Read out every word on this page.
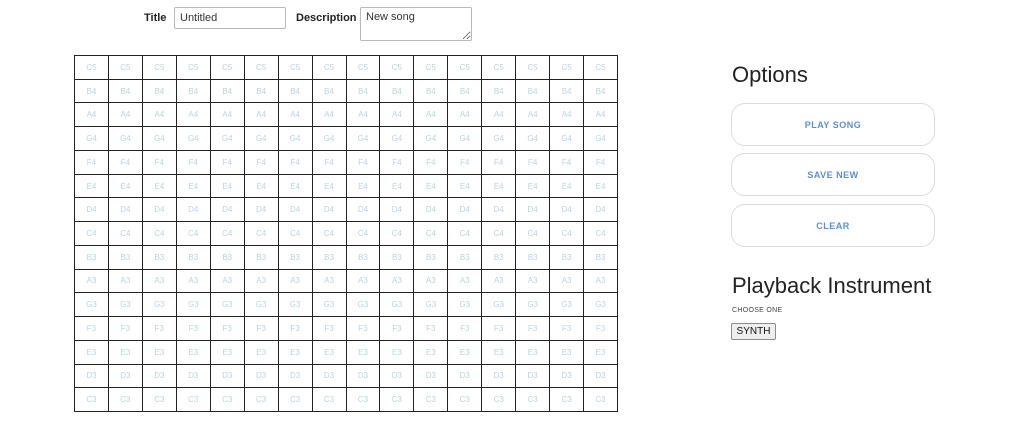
Title
Untitled	Description
New song
C5	C5	C5	C5	C5	C5	C5	C5	C5	C5	C5	C5	C5	C5	C5	C5
B4	B4	B4	B4	B4	B4	B4	B4	B4	B4	B4	B4	B4	B4	B4	B4
A4	A4	A4	A4	A4	A4	A4	A4	A4	A4	A4	A4	A4	A4	A4	A4
G4	G4	G4	G4	G4	G4	G4	G4	G4	G4	G4	G4	G4	G4	G4	G4
F4	F4	F4	F4	F4	F4	F4	F4	F4	F4	F4	F4	F4	F4	F4	F4
E4	E4	E4	E4	E4	E4	E4	E4	E4	E4	E4	E4	E4	E4	E4	E4
D4	D4	D4	D4	D4	D4	D4	D4	D4	D4	D4	D4	D4	D4	D4	D4
C4	C4	C4	C4	C4	C4	C4	C4	C4	C4	C4	C4	C4	C4	C4	C4
B3	B3	B3	B3	B3	B3	B3	B3	B3	B3	B3	B3	B3	B3	B3	B3
A3	A3	A3	A3	A3	A3	A3	A3	A3	A3	A3	A3	A3	A3	A3	A3
G3	G3	G3	G3	G3	G3	G3	G3	G3	G3	G3	G3	G3	G3	G3	G3
F3	F3	F3	F3	F3	F3	F3	F3	F3	F3	F3	F3	F3	F3	F3	F3
E3	E3	E3	E3	E3	E3	E3	E3	E3	E3	E3	E3	E3	E3	E3	E3
D3	D3	D3	D3	D3	D3	D3	D3	D3	D3	D3	D3	D3	D3	D3	D3
C3	C3	C3	C3	C3	C3	C3	C3	C3	C3	C3	C3	C3	C3	C3	C3
Options
PLAY SONG
SAVE NEW
CLEAR
Playback Instrument
CHOOSE ONE
SYNTH
